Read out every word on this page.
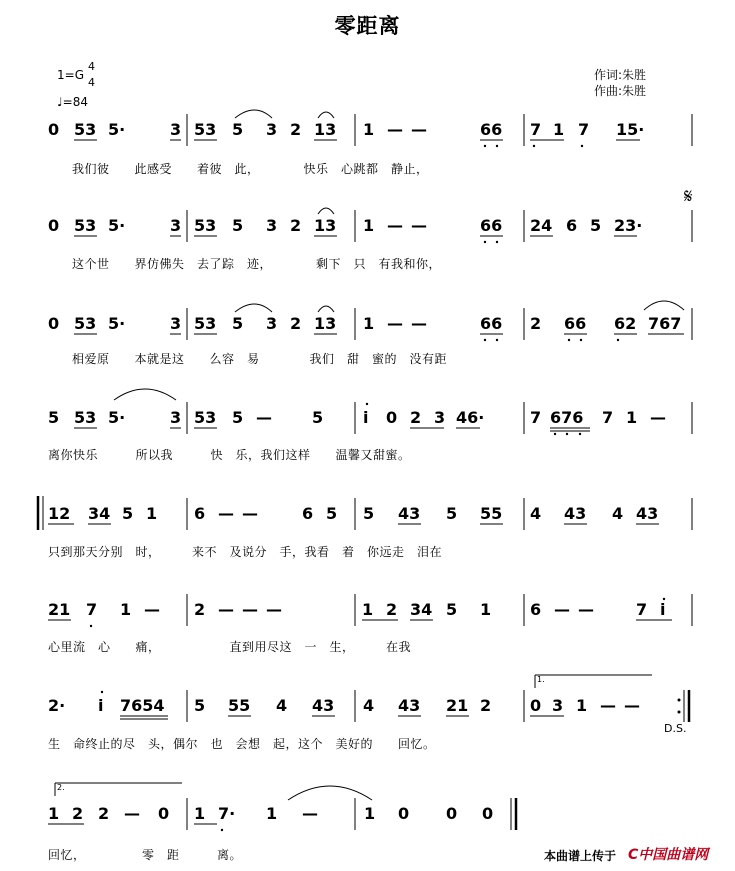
零距离
1=G
4
4
♩=84
作词:朱胜
作曲:朱胜
0 53 5·	3 53 5 3 2 13 1 — —	66 7 1 7 15·
我们彼　　此感受　　着彼　此，　　　　快乐　心跳都　静止，
0 53 5·	3 53 5 3 2 13 1 — —	66 24 6 5 23·
这个世　　界仿佛失　去了踪　迹，　　　　剩下　只　有我和你，
0 53 5·	3 53 5 3 2 13 1 — —	66 2 66 62 767
相爱原　　本就是这　　么容　易　　　　我们　甜　蜜的　没有距
5 53 5·	3 53 5 —	5 i 0 2 3 46·	7 676 7 1 —
离你快乐　　　所以我　　　快　乐，我们这样　　温馨又甜蜜。
12 34 5 1 6 — —	6 5 5 43 5 55 4 43 4 43
只到那天分别　时，　　　来不　及说分　手，我看　着　你远走　泪在
21 7 1 — 2 — — —	1 2 34 5 1 6 — —	7 i
心里流　心　　痛，　　　　　　直到用尽这　一　生，　　　在我
2· i 7654 5 55 4 43 4 43 21 2 0 3 1 — —
1.
D.S.
生　命终止的尽　头，偶尔　也　会想　起，这个　美好的　　回忆。
1 2 2 — 0 1 7· 1 —	1 0 0 0
2.
回忆，　　　　　零　距　　　离。	本曲谱上传于 C中国曲谱网
𝄋
